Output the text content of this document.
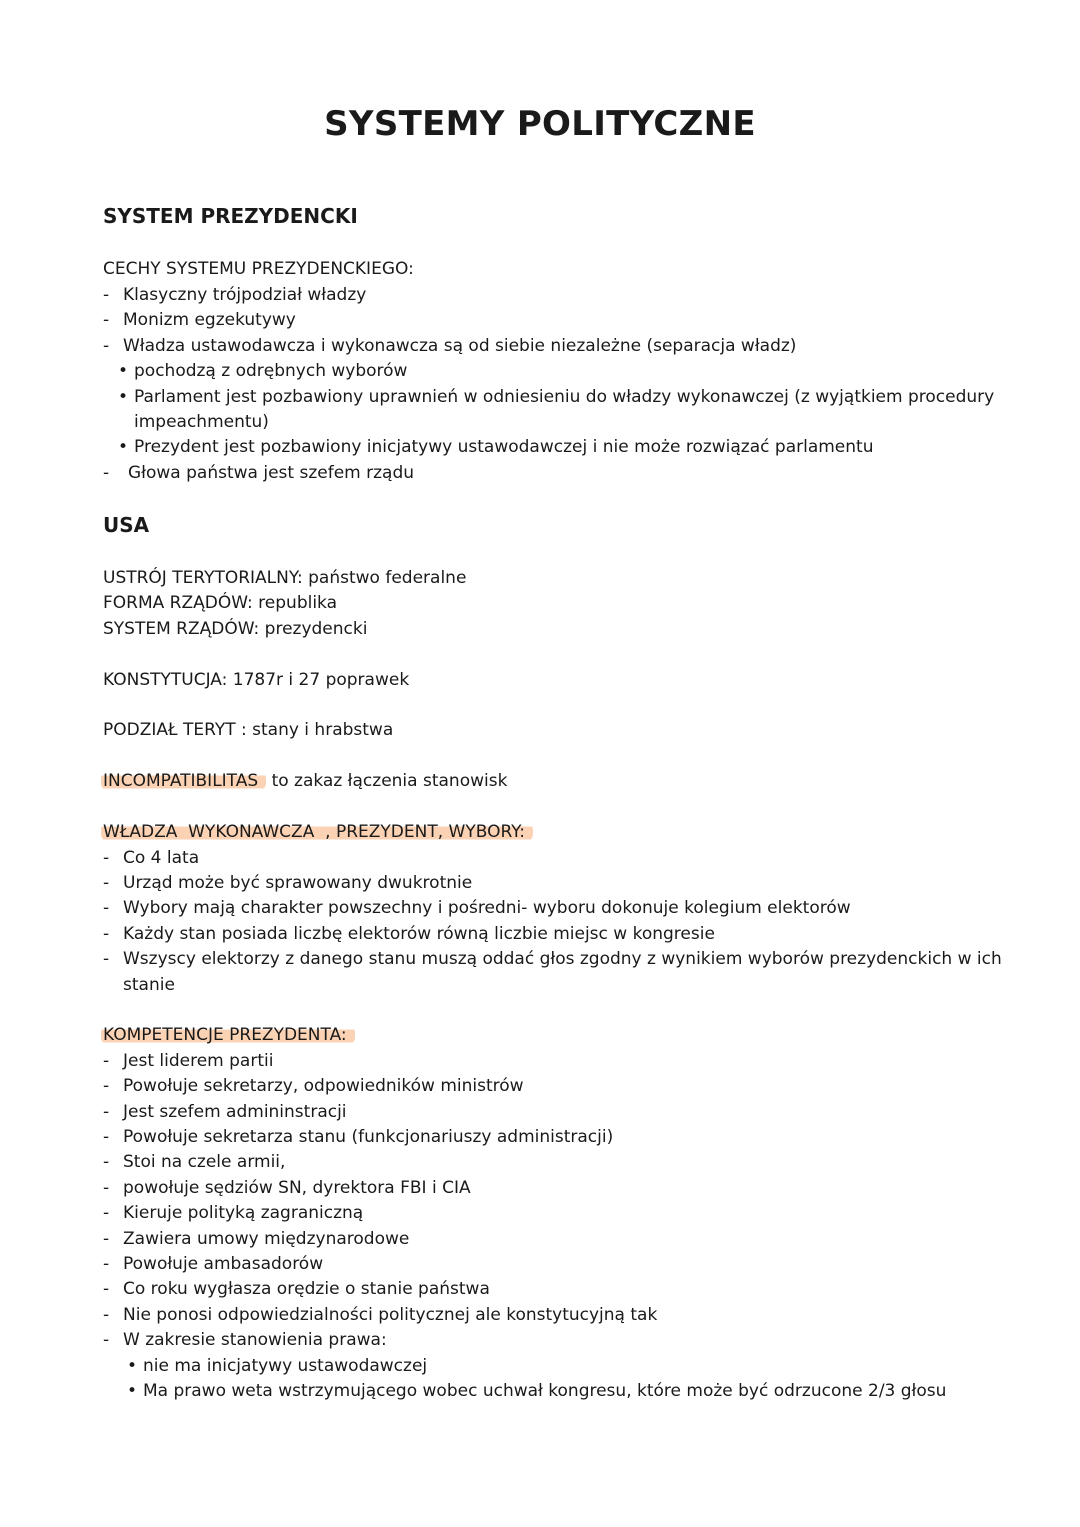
SYSTEMY POLITYCZNE
SYSTEM PREZYDENCKI
CECHY SYSTEMU PREZYDENCKIEGO:
- Klasyczny trójpodział władzy
- Monizm egzekutywy
- Władza ustawodawcza i wykonawcza są od siebie niezależne (separacja władz)
• pochodzą z odrębnych wyborów
• Parlament jest pozbawiony uprawnień w odniesieniu do władzy wykonawczej (z wyjątkiem procedury
impeachmentu)
• Prezydent jest pozbawiony inicjatywy ustawodawczej i nie może rozwiązać parlamentu
- Głowa państwa jest szefem rządu
USA
USTRÓJ TERYTORIALNY: państwo federalne
FORMA RZĄDÓW: republika
SYSTEM RZĄDÓW: prezydencki
KONSTYTUCJA: 1787r i 27 poprawek
PODZIAŁ TERYT : stany i hrabstwa
INCOMPATIBILITAS to zakaz łączenia stanowisk
WŁADZA  WYKONAWCZA  , PREZYDENT, WYBORY:
- Co 4 lata
- Urząd może być sprawowany dwukrotnie
- Wybory mają charakter powszechny i pośredni- wyboru dokonuje kolegium elektorów
- Każdy stan posiada liczbę elektorów równą liczbie miejsc w kongresie
- Wszyscy elektorzy z danego stanu muszą oddać głos zgodny z wynikiem wyborów prezydenckich w ich
stanie
KOMPETENCJE PREZYDENTA:
- Jest liderem partii
- Powołuje sekretarzy, odpowiedników ministrów
- Jest szefem admininstracji
- Powołuje sekretarza stanu (funkcjonariuszy administracji)
- Stoi na czele armii,
- powołuje sędziów SN, dyrektora FBI i CIA
- Kieruje polityką zagraniczną
- Zawiera umowy międzynarodowe
- Powołuje ambasadorów
- Co roku wygłasza orędzie o stanie państwa
- Nie ponosi odpowiedzialności politycznej ale konstytucyjną tak
- W zakresie stanowienia prawa:
• nie ma inicjatywy ustawodawczej
• Ma prawo weta wstrzymującego wobec uchwał kongresu, które może być odrzucone 2/3 głosu
